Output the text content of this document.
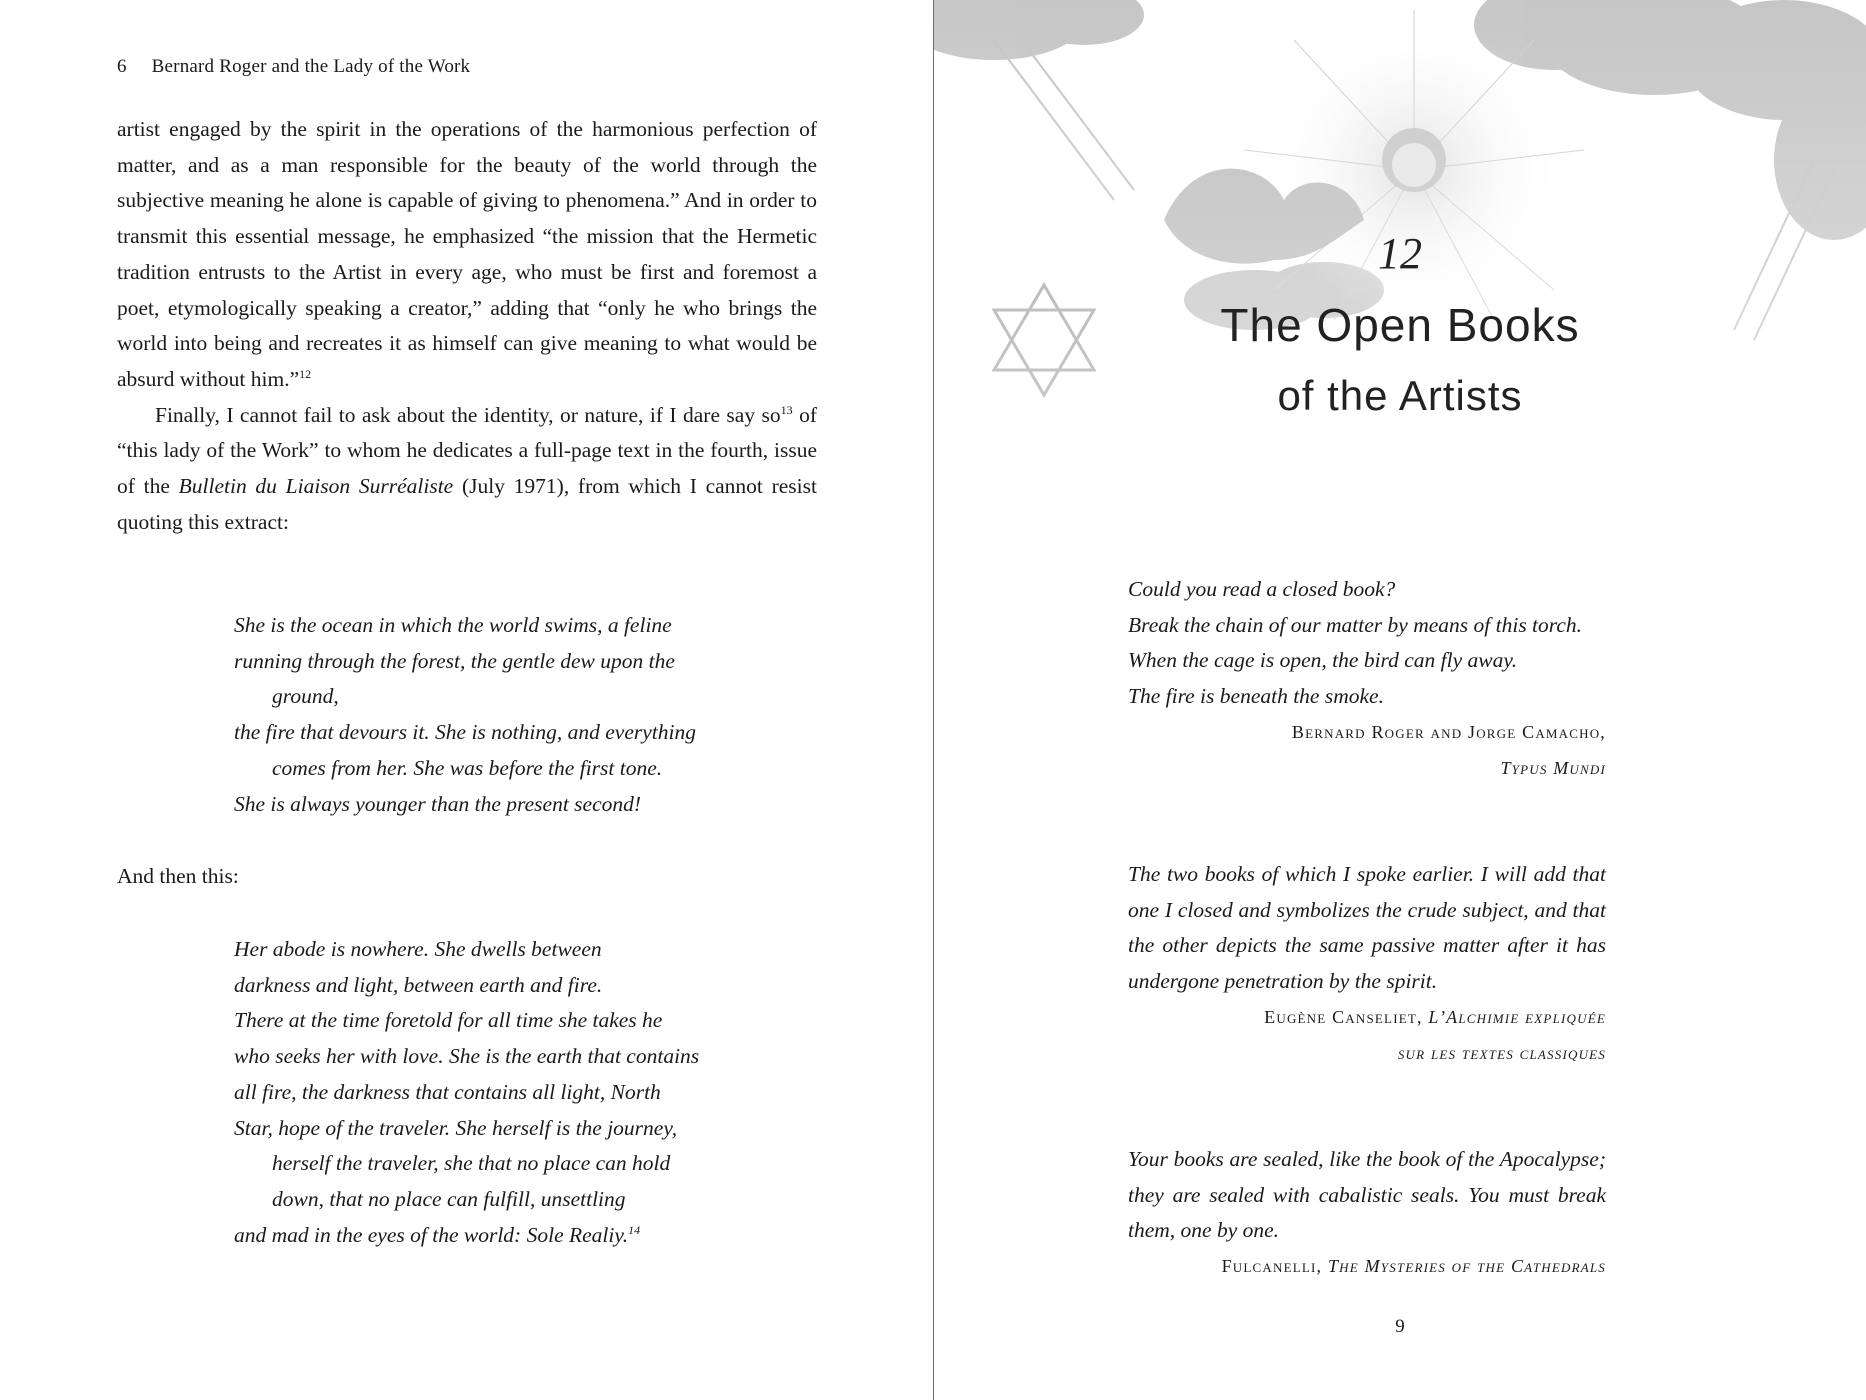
6 Bernard Roger and the Lady of the Work

artist engaged by the spirit in the operations of the harmonious perfection of matter, and as a man responsible for the beauty of the world through the subjective meaning he alone is capable of giving to phenomena.” And in order to transmit this essential message, he emphasized “the mission that the Hermetic tradition entrusts to the Artist in every age, who must be first and foremost a poet, etymologically speaking a creator,” adding that “only he who brings the world into being and recreates it as himself can give meaning to what would be absurd without him.”$^{12}$

Finally, I cannot fail to ask about the identity, or nature, if I dare say $so^{13}$ of “this lady of the Work” to whom he dedicates a full-page text in the fourth, issue of the Bulletin du Liaison Surréaliste (July 1971), from which I cannot resist quoting this extract:

She is the ocean in which the world swims, a feline
running through the forest, the gentle dew upon the
ground,
the fire that devours it. She is nothing, and everything
comes from her. She was before the first tone.
She is always younger than the present second!
And then this:
Her abode is nowhere. She dwells between
darkness and light, between earth and fire.
There at the time foretold for all time she takes he
who seeks her with love. She is the earth that contains
all fire, the darkness that contains all light, North
Star, hope of the traveler. She herself is the journey,
herself the traveler, she that no place can hold
down, that no place can fulfill, unsettling
and mad in the eyes of the world: Sole Realiy.$^{14}$
12
The Open Books
of the Artists
Could you read a closed book?
Break the chain of our matter by means of this torch.
When the cage is open, the bird can fly away.
The fire is beneath the smoke.
Bernard Roger and Jorge Camacho,
Typus Mundi
The two books of which I spoke earlier. I will add that one I closed and symbolizes the crude subject, and that the other depicts the same passive matter after it has undergone penetration by the spirit.
Eugène Canseliet, L’Alchimie expliquée
sur les textes classiques
Your books are sealed, like the book of the Apocalypse; they are sealed with cabalistic seals. You must break them, one by one.
Fulcanelli, The Mysteries of the Cathedrals
9
